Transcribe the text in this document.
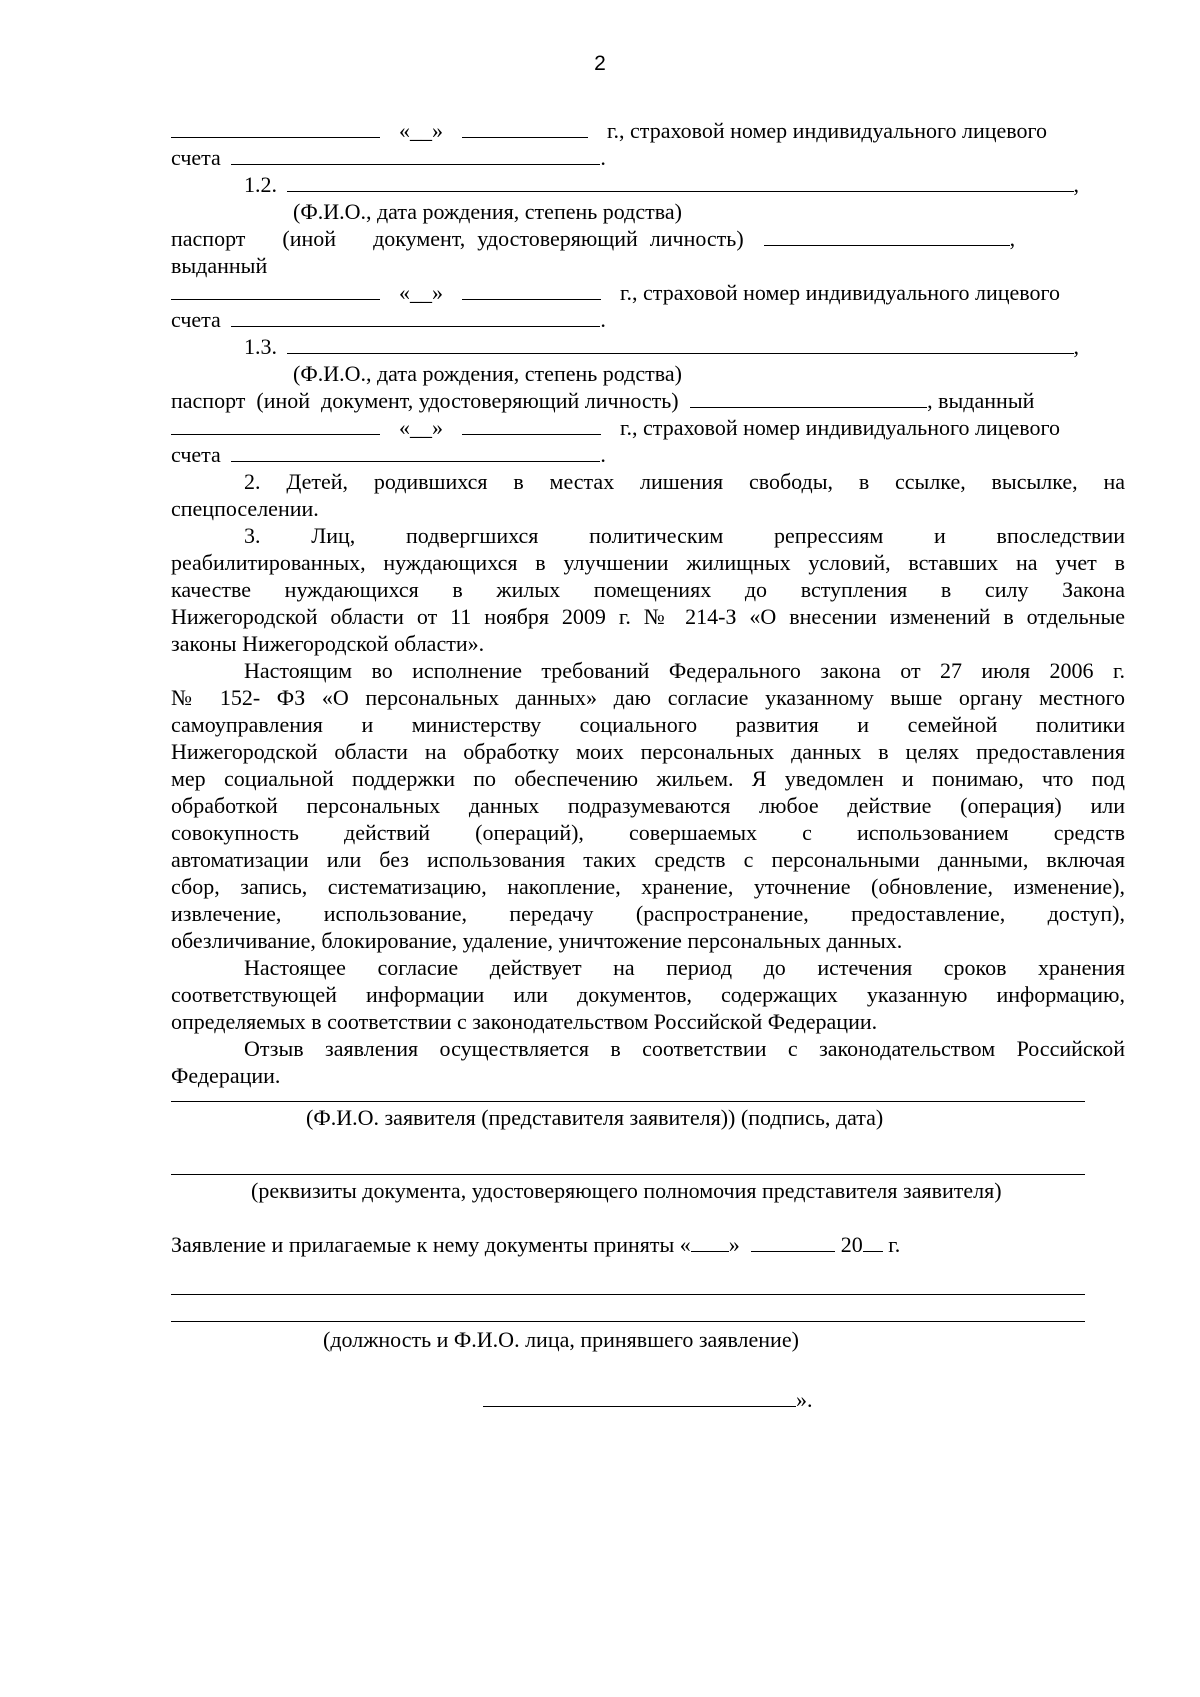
2
«__»	г., страховой номер индивидуального лицевого
счета	.
1.2.	,
(Ф.И.О., дата рождения, степень родства)
паспорт (иной документ, удостоверяющий личность)	,
выданный
«__»	г., страховой номер индивидуального лицевого
счета	.
1.3.	,
(Ф.И.О., дата рождения, степень родства)
паспорт  (иной  документ, удостоверяющий личность)	, выданный
«__»	г., страховой номер индивидуального лицевого
счета	.
2. Детей, родившихся в местах лишения свободы, в ссылке, высылке, на
спецпоселении.
3. Лиц, подвергшихся политическим репрессиям и впоследствии
реабилитированных, нуждающихся в улучшении жилищных условий, вставших на учет в
качестве нуждающихся в жилых помещениях до вступления в силу Закона
Нижегородской области от 11 ноября 2009 г. № 214-З «О внесении изменений в отдельные
законы Нижегородской области».
Настоящим во исполнение требований Федерального закона от 27 июля 2006 г.
№ 152- ФЗ «О персональных данных» даю согласие указанному выше органу местного
самоуправления и министерству социального развития и семейной политики
Нижегородской области на обработку моих персональных данных в целях предоставления
мер социальной поддержки по обеспечению жильем. Я уведомлен и понимаю, что под
обработкой персональных данных подразумеваются любое действие (операция) или
совокупность действий (операций), совершаемых с использованием средств
автоматизации или без использования таких средств с персональными данными, включая
сбор, запись, систематизацию, накопление, хранение, уточнение (обновление, изменение),
извлечение, использование, передачу (распространение, предоставление, доступ),
обезличивание, блокирование, удаление, уничтожение персональных данных.
Настоящее согласие действует на период до истечения сроков хранения
соответствующей информации или документов, содержащих указанную информацию,
определяемых в соответствии с законодательством Российской Федерации.
Отзыв заявления осуществляется в соответствии с законодательством Российской
Федерации.
(Ф.И.О. заявителя (представителя заявителя)) (подпись, дата)
(реквизиты документа, удостоверяющего полномочия представителя заявителя)
Заявление и прилагаемые к нему документы приняты « »	20 г.
(должность и Ф.И.О. лица, принявшего заявление)
».
